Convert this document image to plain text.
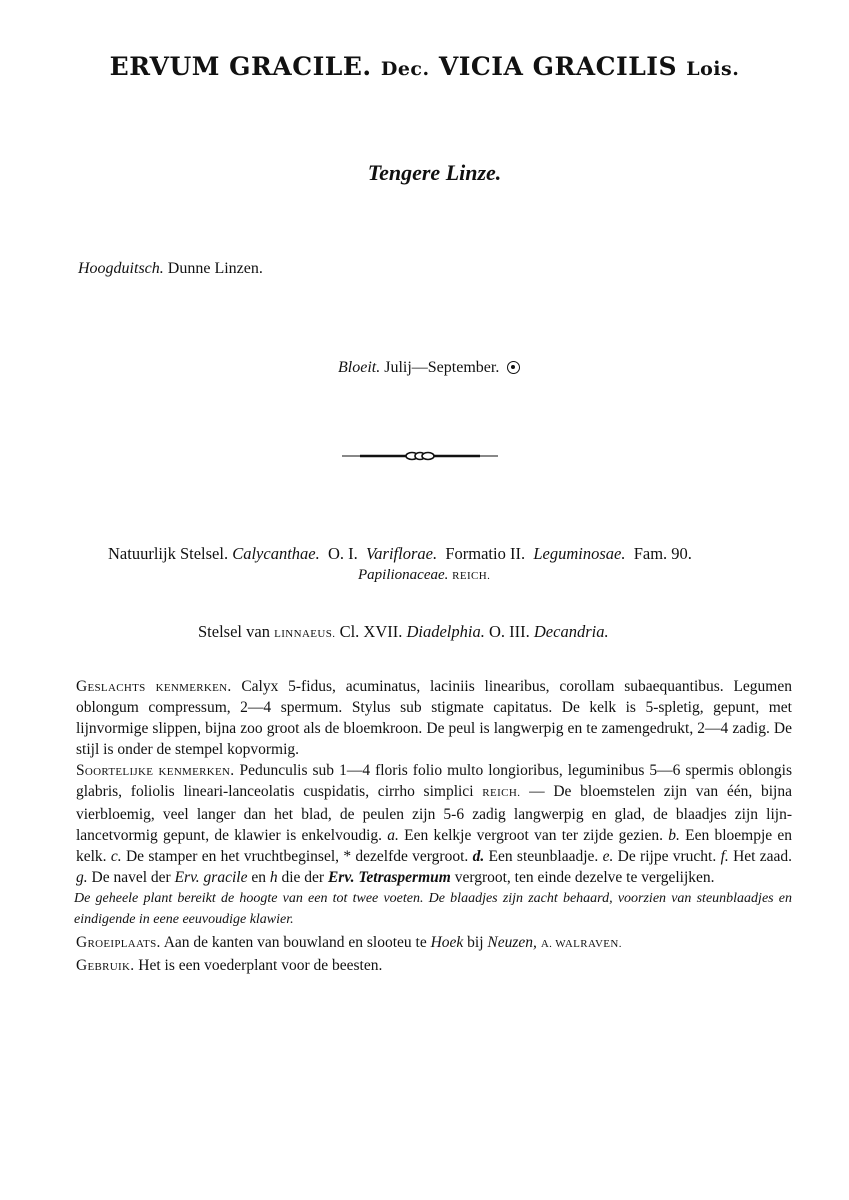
ERVUM GRACILE. Dec. VICIA GRACILIS Lois.
Tengere Linze.
Hoogduitsch. Dunne Linzen.
Bloeit. Julij—September.
Natuurlijk Stelsel. Calycanthae. O. I. Variflorae. Formatio II. Leguminosae. Fam. 90.
Papilionaceae. REICH.
Stelsel van LINNAEUS. Cl. XVII. Diadelphia. O. III. Decandria.

Geslachts kenmerken. Calyx 5-fidus, acuminatus, laciniis linearibus, corollam subaequantibus. Legumen oblongum compressum, 2—4 spermum. Stylus sub stigmate capitatus. De kelk is 5-spletig, gepunt, met lijnvormige slippen, bijna zoo groot als de bloemkroon. De peul is langwerpig en te zamengedrukt, 2—4 zadig. De stijl is onder de stempel kopvormig.

Soortelijke kenmerken. Pedunculis sub 1—4 floris folio multo longioribus, leguminibus 5—6 spermis oblongis glabris, foliolis lineari-lanceolatis cuspidatis, cirrho simplici REICH. — De bloemstelen zijn van één, bijna vierbloemig, veel langer dan het blad, de peulen zijn 5-6 zadig langwerpig en glad, de blaadjes zijn lijn-lancetvormig gepunt, de klawier is enkelvoudig. a. Een kelkje vergroot van ter zijde gezien. b. Een bloempje en kelk. c. De stamper en het vruchtbeginsel, * dezelfde vergroot. d. Een steunblaadje. e. De rijpe vrucht. f. Het zaad. g. De navel der Erv. gracile en h die der Erv. Tetraspermum vergroot, ten einde dezelve te vergelijken.

De geheele plant bereikt de hoogte van een tot twee voeten. De blaadjes zijn zacht behaard, voorzien van steunblaadjes en eindigende in eene eeuvoudige klawier.

Groeiplaats. Aan de kanten van bouwland en slooteu te Hoek bij Neuzen, A. WALRAVEN.

Gebruik. Het is een voederplant voor de beesten.
